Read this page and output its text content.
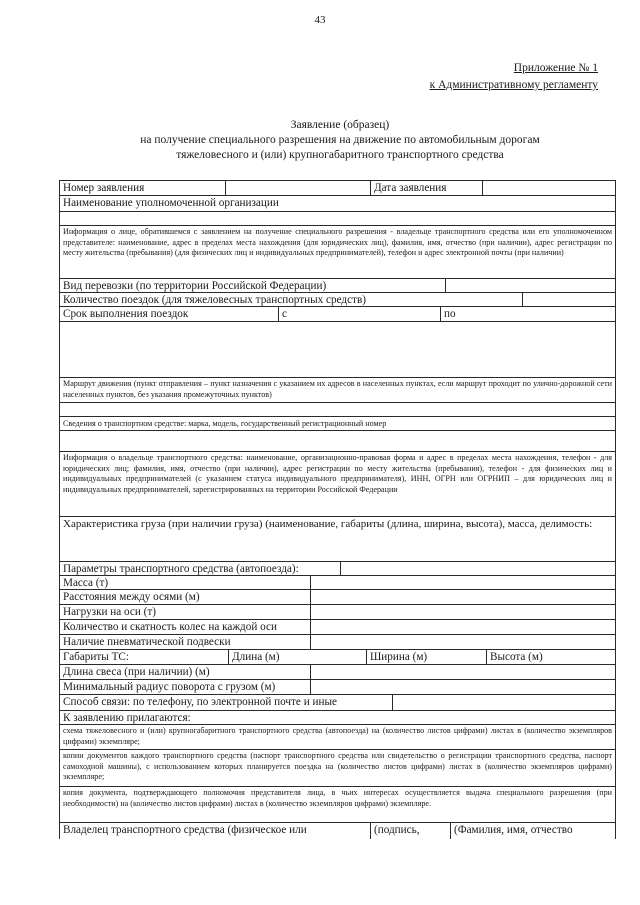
43
Приложение № 1
к Административному регламенту
Заявление (образец)
на получение специального разрешения на движение по автомобильным дорогам
тяжеловесного и (или) крупногабаритного транспортного средства
Номер заявления	Дата заявления
Наименование уполномоченной организации
Информация о лице, обратившемся с заявлением на получение специального разрешения - владельце транспортного средства или его уполномоченном представителе: наименование, адрес в пределах места нахождения (для юридических лиц), фамилия, имя, отчество (при наличии), адрес регистрации по месту жительства (пребывания) (для физических лиц и индивидуальных предпринимателей), телефон и адрес электронной почты (при наличии)
Вид перевозки (по территории Российской Федерации)
Количество поездок (для тяжеловесных транспортных средств)
Срок выполнения поездок	с	по
Маршрут движения (пункт отправления – пункт назначения с указанием их адресов в населенных пунктах, если маршрут проходит по улично-дорожной сети населенных пунктов, без указания промежуточных пунктов)
Сведения о транспортном средстве: марка, модель, государственный регистрационный номер
Информация о владельце транспортного средства: наименование, организационно-правовая форма и адрес в пределах места нахождения, телефон - для юридических лиц; фамилия, имя, отчество (при наличии), адрес регистрации по месту жительства (пребывания), телефон - для физических лиц и индивидуальных предпринимателей (с указанием статуса индивидуального предпринимателя), ИНН, ОГРН или ОГРНИП – для юридических лиц и индивидуальных предпринимателей, зарегистрированных на территории Российской Федерации
Характеристика груза (при наличии груза) (наименование, габариты (длина, ширина, высота), масса, делимость:
Параметры транспортного средства (автопоезда):
Масса (т)
Расстояния между осями (м)
Нагрузки на оси (т)
Количество и скатность колес на каждой оси
Наличие пневматической подвески
Габариты ТС:	Длина (м)	Ширина (м)	Высота (м)
Длина свеса (при наличии) (м)
Минимальный радиус поворота с грузом (м)
Способ связи: по телефону, по электронной почте и иные
К заявлению прилагаются:
схема тяжеловесного и (или) крупногабаритного транспортного средства (автопоезда) на (количество листов цифрами) листах в (количество экземпляров цифрами) экземпляре;
копии документов каждого транспортного средства (паспорт транспортного средства или свидетельство о регистрации транспортного средства, паспорт самоходной машины), с использованием которых планируется поездка на (количество листов цифрами) листах в (количество экземпляров цифрами) экземпляре;
копия документа, подтверждающего полномочия представителя лица, в чьих интересах осуществляется выдача специального разрешения (при необходимости) на (количество листов цифрами) листах в (количество экземпляров цифрами) экземпляре.
Владелец транспортного средства (физическое или	(подпись,	(Фамилия, имя, отчество
